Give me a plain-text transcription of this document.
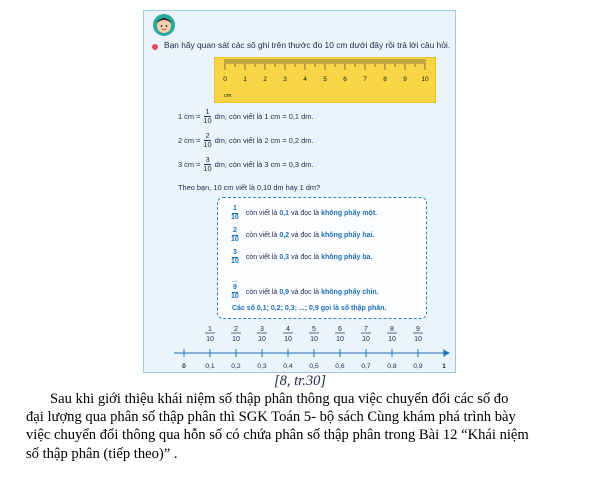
Bạn hãy quan sát các số ghi trên thước đo 10 cm dưới đây rồi trả lời câu hỏi.
0	1	2	3	4	5	6	7	8	9 10
cm
1 cm = $\frac{1}{10}$ dm, còn viết là 1 cm = 0,1 dm.
2 cm = $\frac{2}{10}$ dm, còn viết là 2 cm = 0,2 dm.
3 cm = $\frac{3}{10}$ dm, còn viết là 3 cm = 0,3 dm.
Theo bạn, 10 cm viết là 0,10 dm hay 1 dm?
$\frac{1}{10}$ còn viết là 0,1 và đọc là không phẩy một.
$\frac{2}{10}$ còn viết là 0,2 và đọc là không phẩy hai.
$\frac{3}{10}$ còn viết là 0,3 và đọc là không phẩy ba.
...
$\frac{9}{10}$ còn viết là 0,9 và đọc là không phẩy chín.
Các số 0,1; 0,2; 0,3; ...; 0,9 gọi là số thập phân.
1
10
2
10
3
10
4
10
5
10
6
10
7
10
8
10
9
10
0	0,1 0,2 0,3 0,4 0,5 0,6 0,7 0,8 0,9	1
[8, tr.30]
Sau khi giới thiệu khái niệm số thập phân thông qua việc chuyển đổi các số đo
đại lượng qua phân số thập phân thì SGK Toán 5- bộ sách Cùng khám phá trình bày
việc chuyển đổi thông qua hỗn số có chứa phân số thập phân trong Bài 12 “Khái niệm
số thập phân (tiếp theo)” .
